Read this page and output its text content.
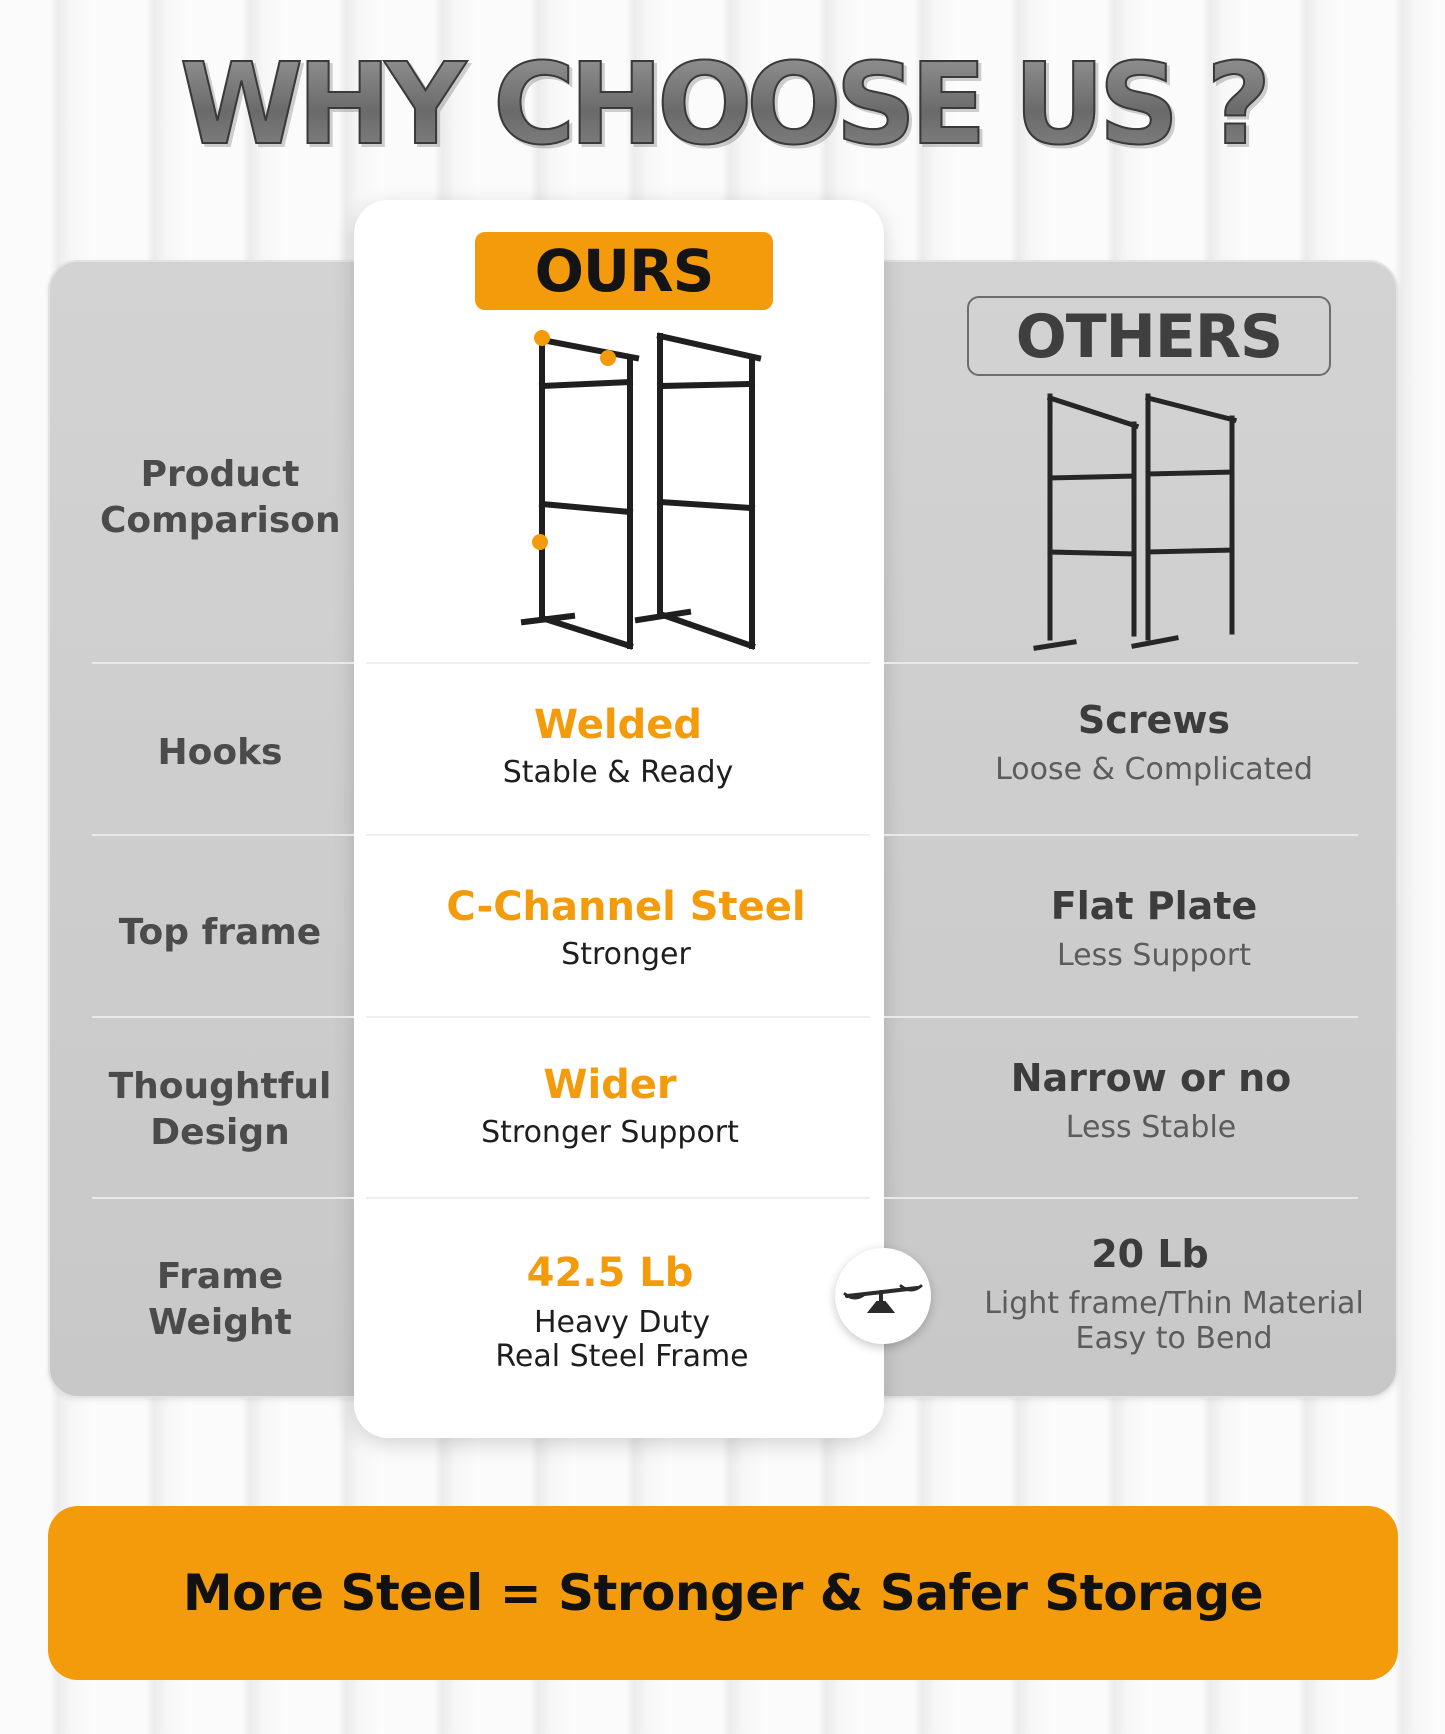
WHY CHOOSE US ?
OURS
OTHERS
Product
Comparison
Hooks
Welded
Stable & Ready
Screws
Loose & Complicated
Top frame
C-Channel Steel
Stronger
Flat Plate
Less Support
Thoughtful
Design
Wider
Stronger Support
Narrow or no
Less Stable
Frame
Weight
42.5 Lb
Heavy Duty
Real Steel Frame
20 Lb
Light frame/Thin Material
Easy to Bend
More Steel = Stronger & Safer Storage
